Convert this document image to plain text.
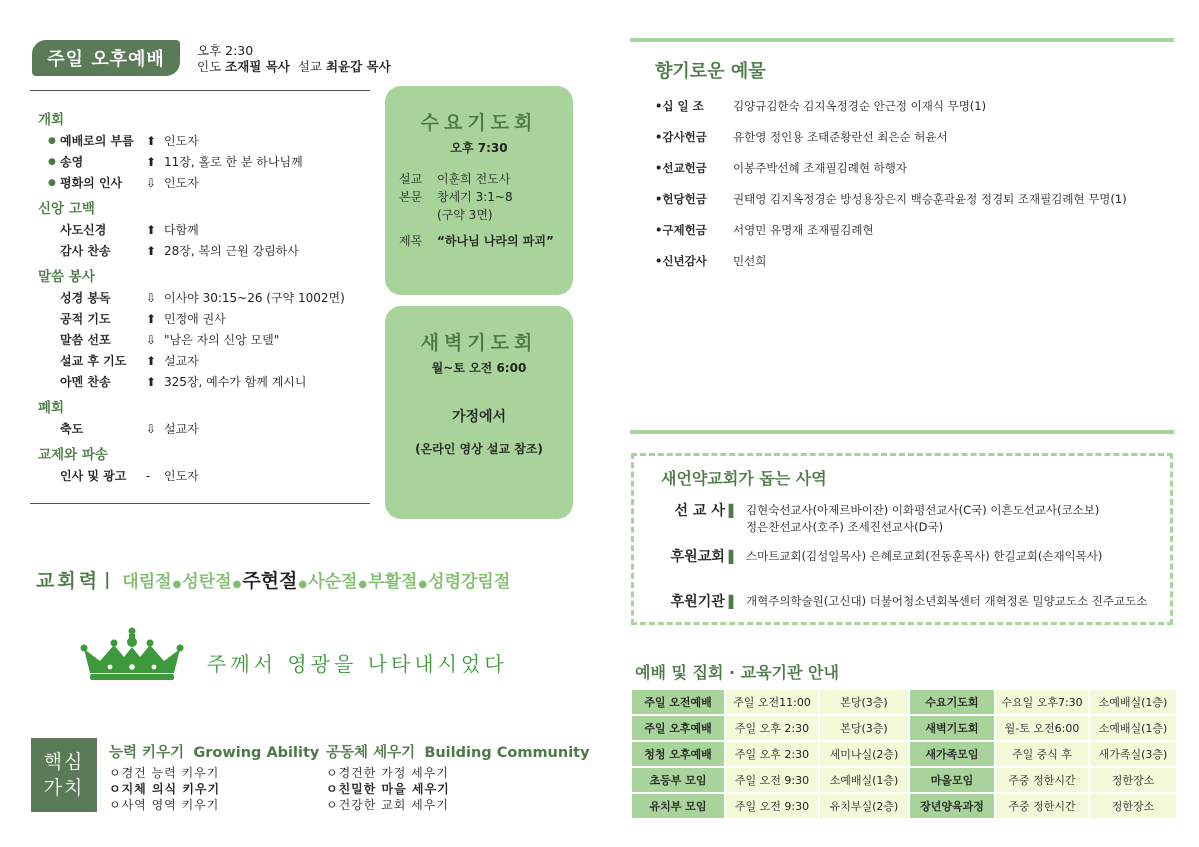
주일 오후예배	오후 2:30
인도 조재필 목사 설교 최윤갑 목사
개회
● 예배로의 부름	⬆ 인도자
● 송영	⬆ 11장, 홀로 한 분 하나님께
● 평화의 인사	⇩ 인도자
신앙 고백
사도신경	⬆ 다함께
감사 찬송	⬆ 28장, 복의 근원 강림하사
말씀 봉사
성경 봉독	⇩ 이사야 30:15~26 (구약 1002면)
공적 기도	⬆ 민정애 권사
말씀 선포	⇩ "남은 자의 신앙 모델"
설교 후 기도	⬆ 설교자
아멘 찬송	⬆ 325장, 예수가 함께 계시니
폐회
축도	⇩ 설교자
교제와 파송
인사 및 광고	-	인도자
수요기도회
오후 7:30
설교	이훈희 전도사
본문	창세기 3:1~8
(구약 3면)
제목	“하나님 나라의 파괴”
새벽기도회
월~토 오전 6:00
가정에서
(온라인 영상 설교 참조)
교회력 | 대림절●성탄절●주현절●사순절●부활절●성령강림절
주께서 영광을 나타내시었다
핵심
가치
능력 키우기 Growing Ability
ㅇ경건 능력 키우기
ㅇ지체 의식 키우기
ㅇ사역 영역 키우기
공동체 세우기 Building Community
ㅇ경건한 가정 세우기
ㅇ친밀한 마을 세우기
ㅇ건강한 교회 세우기
향기로운 예물
•십 일 조	김양규김한숙 김지옥정경순 안근정 이재식 무명(1)
•감사헌금	유한영 정인용 조태준황란선 최은순 허윤서
•선교헌금	이봉주박선혜 조재필김례현 하행자
•헌당헌금	권태영 김지옥정경순 방성용장은지 백승훈곽윤정 정경퇴 조재필김례현 무명(1)
•구제헌금	서영민 유명재 조재필김례현
•신년감사	민선희
새언약교회가 돕는 사역
선 교 사 ▌ 김현숙선교사(아제르바이잔) 이화평선교사(C국) 이흔도선교사(코소보)
정은찬선교사(호주) 조세진선교사(D국)
후원교회 ▌ 스마트교회(김성일목사) 은혜로교회(전동훈목사) 한길교회(손재익목사)
후원기관 ▌ 개혁주의학술원(고신대) 더불어청소년회복센터 개혁정론 밀양교도소 진주교도소
예배 및 집회 · 교육기관 안내
주일 오전예배	주일 오전11:00	본당(3층)	수요기도회	수요일 오후7:30	소예배실(1층)
주일 오후예배	주일 오후 2:30	본당(3층)	새벽기도회	월-토 오전6:00	소예배실(1층)
청청 오후예배	주일 오후 2:30	세미나실(2층)	새가족모임	주일 중식 후	새가족실(3층)
초등부 모임	주일 오전 9:30	소예배실(1층)	마을모임	주중 정한시간	정한장소
유치부 모임	주일 오전 9:30	유치부실(2층)	장년양육과정	주중 정한시간	정한장소
